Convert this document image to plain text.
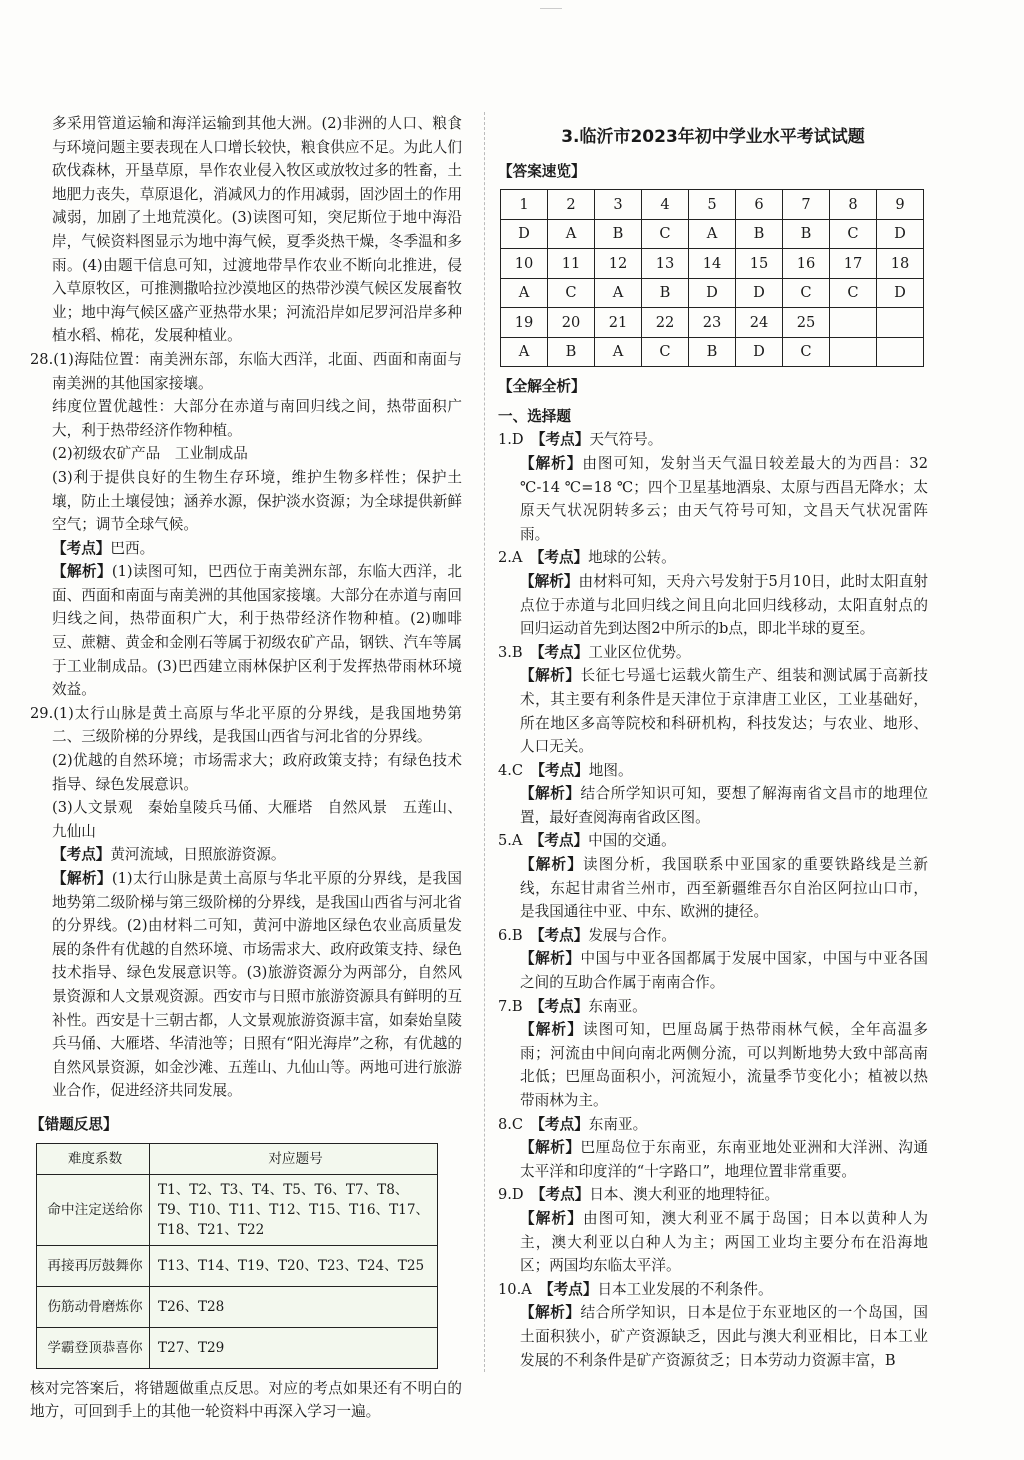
多采用管道运输和海洋运输到其他大洲。(2)非洲的人口、粮食与环境问题主要表现在人口增长较快，粮食供应不足。为此人们砍伐森林，开垦草原，旱作农业侵入牧区或放牧过多的牲畜，土地肥力丧失，草原退化，消减风力的作用减弱，固沙固土的作用减弱，加剧了土地荒漠化。(3)读图可知，突尼斯位于地中海沿岸，气候资料图显示为地中海气候，夏季炎热干燥，冬季温和多雨。(4)由题干信息可知，过渡地带旱作农业不断向北推进，侵入草原牧区，可推测撒哈拉沙漠地区的热带沙漠气候区发展畜牧业；地中海气候区盛产亚热带水果；河流沿岸如尼罗河沿岸多种植水稻、棉花，发展种植业。

28.(1)海陆位置：南美洲东部，东临大西洋，北面、西面和南面与南美洲的其他国家接壤。

纬度位置优越性：大部分在赤道与南回归线之间，热带面积广大，利于热带经济作物种植。

(2)初级农矿产品　工业制成品

(3)利于提供良好的生物生存环境，维护生物多样性；保护土壤，防止土壤侵蚀；涵养水源，保护淡水资源；为全球提供新鲜空气；调节全球气候。

【考点】巴西。

【解析】(1)读图可知，巴西位于南美洲东部，东临大西洋，北面、西面和南面与南美洲的其他国家接壤。大部分在赤道与南回归线之间，热带面积广大，利于热带经济作物种植。(2)咖啡豆、蔗糖、黄金和金刚石等属于初级农矿产品，钢铁、汽车等属于工业制成品。(3)巴西建立雨林保护区利于发挥热带雨林环境效益。

29.(1)太行山脉是黄土高原与华北平原的分界线，是我国地势第二、三级阶梯的分界线，是我国山西省与河北省的分界线。

(2)优越的自然环境；市场需求大；政府政策支持；有绿色技术指导、绿色发展意识。

(3)人文景观　秦始皇陵兵马俑、大雁塔　自然风景　五莲山、九仙山

【考点】黄河流域，日照旅游资源。

【解析】(1)太行山脉是黄土高原与华北平原的分界线，是我国地势第二级阶梯与第三级阶梯的分界线，是我国山西省与河北省的分界线。(2)由材料二可知，黄河中游地区绿色农业高质量发展的条件有优越的自然环境、市场需求大、政府政策支持、绿色技术指导、绿色发展意识等。(3)旅游资源分为两部分，自然风景资源和人文景观资源。西安市与日照市旅游资源具有鲜明的互补性。西安是十三朝古都，人文景观旅游资源丰富，如秦始皇陵兵马俑、大雁塔、华清池等；日照有“阳光海岸”之称，有优越的自然风景资源，如金沙滩、五莲山、九仙山等。两地可进行旅游业合作，促进经济共同发展。

【错题反思】
难度系数	对应题号
命中注定送给你	T1、T2、T3、T4、T5、T6、T7、T8、T9、T10、T11、T12、T15、T16、T17、T18、T21、T22
再接再厉鼓舞你	T13、T14、T19、T20、T23、T24、T25
伤筋动骨磨炼你	T26、T28
学霸登顶恭喜你	T27、T29

核对完答案后，将错题做重点反思。对应的考点如果还有不明白的地方，可回到手上的其他一轮资料中再深入学习一遍。

3.临沂市2023年初中学业水平考试试题
【答案速览】
1	2	3	4	5	6	7	8	9
D	A	B	C	A	B	B	C	D
10	11	12	13	14	15	16	17	18
A	C	A	B	D	D	C	C	D
19	20	21	22	23	24	25		
A	B	A	C	B	D	C		
【全解全析】
一、选择题

1.D　 【考点】天气符号。

【解析】由图可知，发射当天气温日较差最大的为西昌：32 ℃-14 ℃=18 ℃；四个卫星基地酒泉、太原与西昌无降水；太原天气状况阴转多云；由天气符号可知，文昌天气状况雷阵雨。

2.A　 【考点】地球的公转。

【解析】由材料可知，天舟六号发射于5月10日，此时太阳直射点位于赤道与北回归线之间且向北回归线移动，太阳直射点的回归运动首先到达图2中所示的b点，即北半球的夏至。

3.B　 【考点】工业区位优势。

【解析】长征七号遥七运载火箭生产、组装和测试属于高新技术，其主要有利条件是天津位于京津唐工业区，工业基础好，所在地区多高等院校和科研机构，科技发达；与农业、地形、人口无关。

4.C　 【考点】地图。

【解析】结合所学知识可知，要想了解海南省文昌市的地理位置，最好查阅海南省政区图。

5.A　 【考点】中国的交通。

【解析】读图分析，我国联系中亚国家的重要铁路线是兰新线，东起甘肃省兰州市，西至新疆维吾尔自治区阿拉山口市，是我国通往中亚、中东、欧洲的捷径。

6.B　 【考点】发展与合作。

【解析】中国与中亚各国都属于发展中国家，中国与中亚各国之间的互助合作属于南南合作。

7.B　 【考点】东南亚。

【解析】读图可知，巴厘岛属于热带雨林气候，全年高温多雨；河流由中间向南北两侧分流，可以判断地势大致中部高南北低；巴厘岛面积小，河流短小，流量季节变化小；植被以热带雨林为主。

8.C　 【考点】东南亚。

【解析】巴厘岛位于东南亚，东南亚地处亚洲和大洋洲、沟通太平洋和印度洋的“十字路口”，地理位置非常重要。

9.D　 【考点】日本、澳大利亚的地理特征。

【解析】由图可知，澳大利亚不属于岛国；日本以黄种人为主，澳大利亚以白种人为主；两国工业均主要分布在沿海地区；两国均东临太平洋。

10.A　 【考点】日本工业发展的不利条件。

【解析】结合所学知识，日本是位于东亚地区的一个岛国，国土面积狭小，矿产资源缺乏，因此与澳大利亚相比，日本工业发展的不利条件是矿产资源贫乏；日本劳动力资源丰富，B
